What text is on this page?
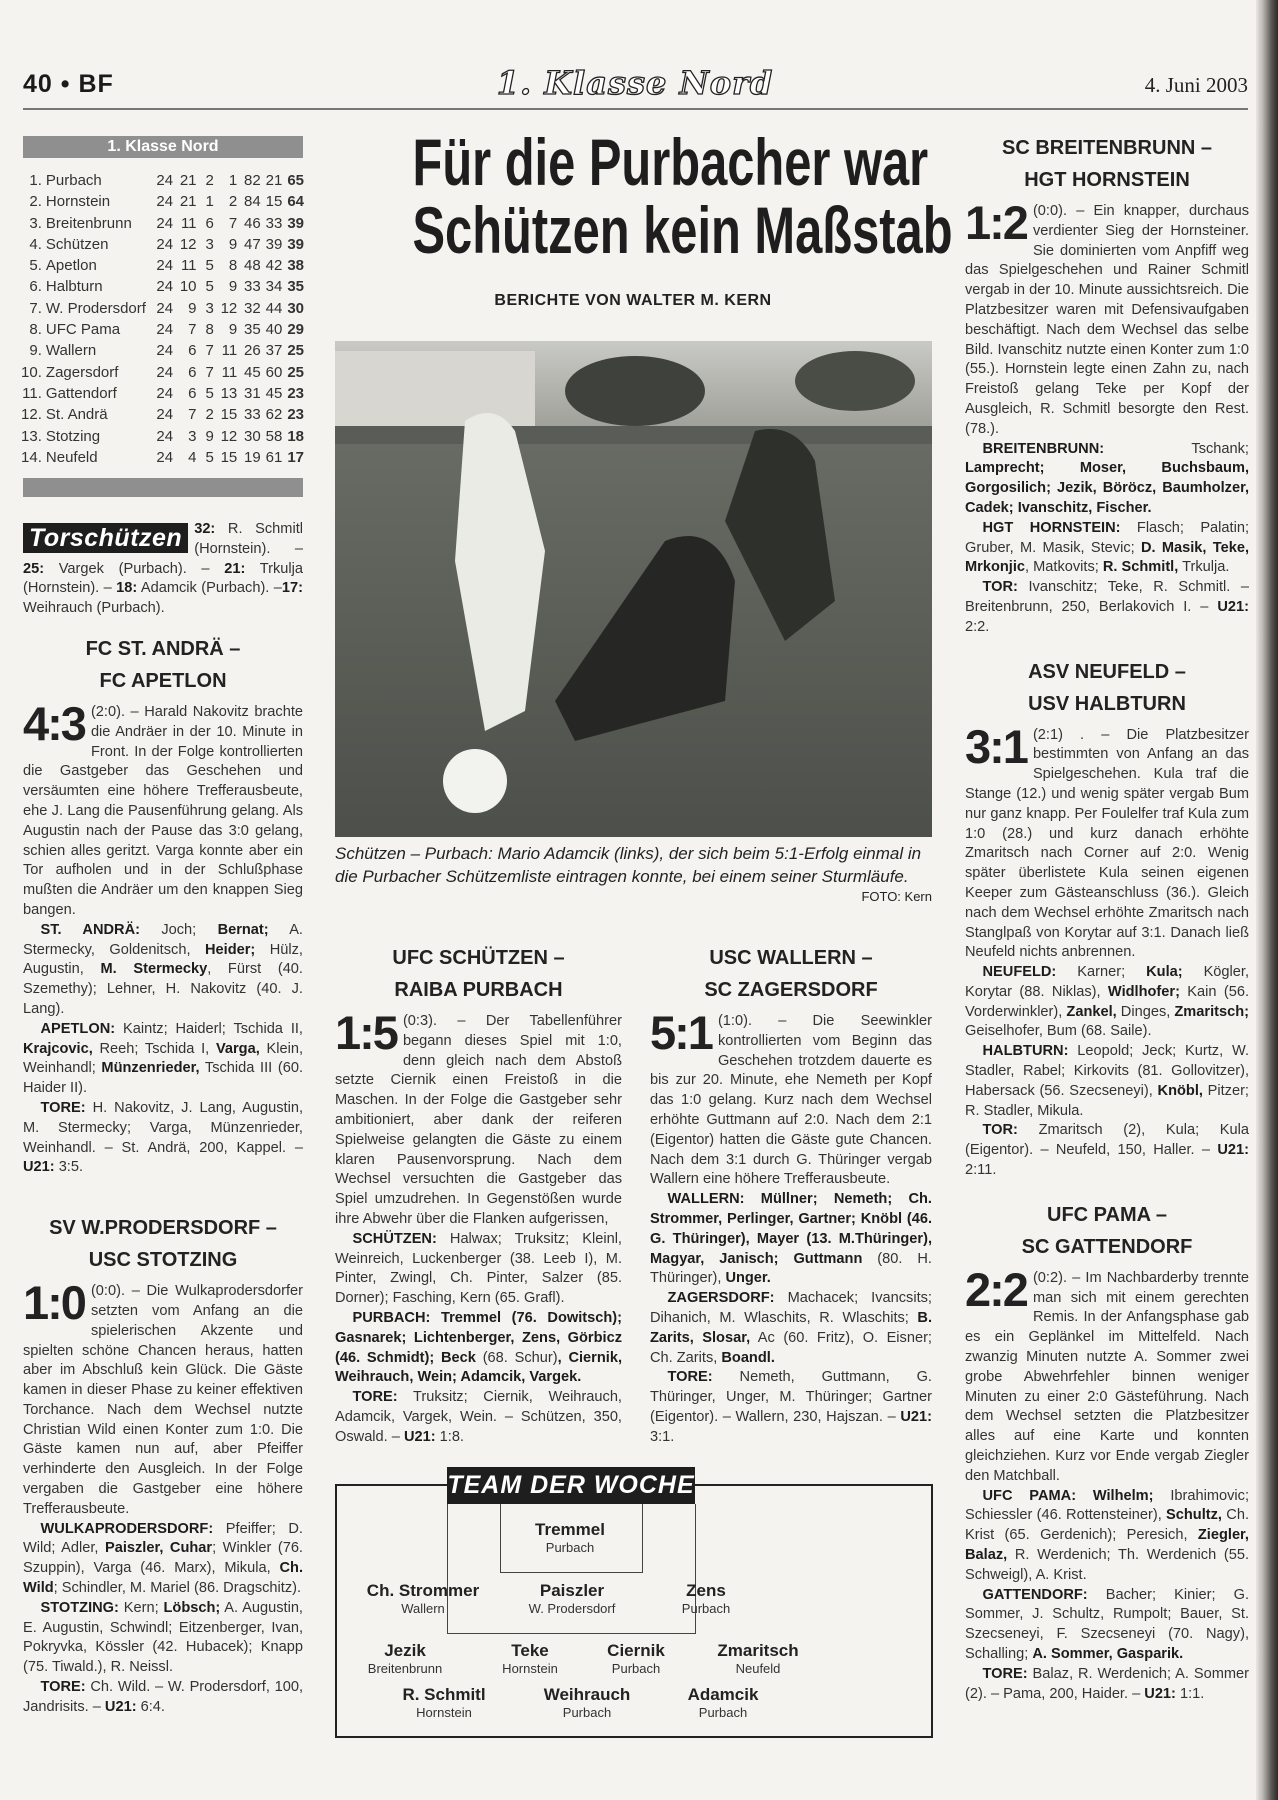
40 • BF	1. Klasse Nord	4. Juni 2003
1. Klasse Nord
1.	Purbach	24	21	2	1	82	21	65
2.	Hornstein	24	21	1	2	84	15	64
3.	Breitenbrunn	24	11	6	7	46	33	39
4.	Schützen	24	12	3	9	47	39	39
5.	Apetlon	24	11	5	8	48	42	38
6.	Halbturn	24	10	5	9	33	34	35
7.	W. Prodersdorf	24	9	3	12	32	44	30
8.	UFC Pama	24	7	8	9	35	40	29
9.	Wallern	24	6	7	11	26	37	25
10.	Zagersdorf	24	6	7	11	45	60	25
11.	Gattendorf	24	6	5	13	31	45	23
12.	St. Andrä	24	7	2	15	33	62	23
13.	Stotzing	24	3	9	12	30	58	18
14.	Neufeld	24	4	5	15	19	61	17
Torschützen 32: R. Schmitl (Hornstein). – 25: Vargek (Purbach). – 21: Trkulja (Hornstein). – 18: Adamcik (Purbach). –17: Weihrauch (Purbach).
FC ST. ANDRÄ –
FC APETLON

4:3 (2:0). – Harald Nakovitz brachte die Andräer in der 10. Minute in Front. In der Folge kontrollierten die Gastgeber das Geschehen und versäumten eine höhere Trefferausbeute, ehe J. Lang die Pausenführung gelang. Als Augustin nach der Pause das 3:0 gelang, schien alles geritzt. Varga konnte aber ein Tor aufholen und in der Schlußphase mußten die Andräer um den knappen Sieg bangen.

ST. ANDRÄ: Joch; Bernat; A. Stermecky, Goldenitsch, Heider; Hülz, Augustin, M. Stermecky, Fürst (40. Szemethy); Lehner, H. Nakovitz (40. J. Lang).

APETLON: Kaintz; Haiderl; Tschida II, Krajcovic, Reeh; Tschida I, Varga, Klein, Weinhandl; Münzenrieder, Tschida III (60. Haider II).

TORE: H. Nakovitz, J. Lang, Augustin, M. Stermecky; Varga, Münzenrieder, Weinhandl. – St. Andrä, 200, Kappel. – U21: 3:5.

SV W.PRODERSDORF –
USC STOTZING

1:0 (0:0). – Die Wulkaprodersdorfer setzten vom Anfang an die spielerischen Akzente und spielten schöne Chancen heraus, hatten aber im Abschluß kein Glück. Die Gäste kamen in dieser Phase zu keiner effektiven Torchance. Nach dem Wechsel nutzte Christian Wild einen Konter zum 1:0. Die Gäste kamen nun auf, aber Pfeiffer verhinderte den Ausgleich. In der Folge vergaben die Gastgeber eine höhere Trefferausbeute.

WULKAPRODERSDORF: Pfeiffer; D. Wild; Adler, Paiszler, Cuhar; Winkler (76. Szuppin), Varga (46. Marx), Mikula, Ch. Wild; Schindler, M. Mariel (86. Dragschitz).

STOTZING: Kern; Löbsch; A. Augustin, E. Augustin, Schwindl; Eitzenberger, Ivan, Pokryvka, Kössler (42. Hubacek); Knapp (75. Tiwald.), R. Neissl.

TORE: Ch. Wild. – W. Prodersdorf, 100, Jandrisits. – U21: 6:4.

Für die Purbacher war
Schützen kein Maßstab
BERICHTE VON WALTER M. KERN
Schützen – Purbach: Mario Adamcik (links), der sich beim 5:1-Erfolg einmal in die Purbacher Schützemliste eintragen konnte, bei einem seiner Sturmläufe.
FOTO: Kern
UFC SCHÜTZEN –
RAIBA PURBACH

1:5 (0:3). – Der Tabellenführer begann dieses Spiel mit 1:0, denn gleich nach dem Abstoß setzte Ciernik einen Freistoß in die Maschen. In der Folge die Gastgeber sehr ambitioniert, aber dank der reiferen Spielweise gelangten die Gäste zu einem klaren Pausenvorsprung. Nach dem Wechsel versuchten die Gastgeber das Spiel umzudrehen. In Gegenstößen wurde ihre Abwehr über die Flanken aufgerissen,

SCHÜTZEN: Halwax; Truksitz; Kleinl, Weinreich, Luckenberger (38. Leeb I), M. Pinter, Zwingl, Ch. Pinter, Salzer (85. Dorner); Fasching, Kern (65. Grafl).

PURBACH: Tremmel (76. Dowitsch); Gasnarek; Lichtenberger, Zens, Görbicz (46. Schmidt); Beck (68. Schur), Ciernik, Weihrauch, Wein; Adamcik, Vargek.

TORE: Truksitz; Ciernik, Weihrauch, Adamcik, Vargek, Wein. – Schützen, 350, Oswald. – U21: 1:8.

USC WALLERN –
SC ZAGERSDORF

5:1 (1:0). – Die Seewinkler kontrollierten vom Beginn das Geschehen trotzdem dauerte es bis zur 20. Minute, ehe Nemeth per Kopf das 1:0 gelang. Kurz nach dem Wechsel erhöhte Guttmann auf 2:0. Nach dem 2:1 (Eigentor) hatten die Gäste gute Chancen. Nach dem 3:1 durch G. Thüringer vergab Wallern eine höhere Trefferausbeute.

WALLERN: Müllner; Nemeth; Ch. Strommer, Perlinger, Gartner; Knöbl (46. G. Thüringer), Mayer (13. M.Thüringer), Magyar, Janisch; Guttmann (80. H. Thüringer), Unger.

ZAGERSDORF: Machacek; Ivancsits; Dihanich, M. Wlaschits, R. Wlaschits; B. Zarits, Slosar, Ac (60. Fritz), O. Eisner; Ch. Zarits, Boandl.

TORE: Nemeth, Guttmann, G. Thüringer, Unger, M. Thüringer; Gartner (Eigentor). – Wallern, 230, Hajszan. – U21: 3:1.

SC BREITENBRUNN –
HGT HORNSTEIN

1:2 (0:0). – Ein knapper, durchaus verdienter Sieg der Hornsteiner. Sie dominierten vom Anpfiff weg das Spielgeschehen und Rainer Schmitl vergab in der 10. Minute aussichtsreich. Die Platzbesitzer waren mit Defensivaufgaben beschäftigt. Nach dem Wechsel das selbe Bild. Ivanschitz nutzte einen Konter zum 1:0 (55.). Hornstein legte einen Zahn zu, nach Freistoß gelang Teke per Kopf der Ausgleich, R. Schmitl besorgte den Rest. (78.).

BREITENBRUNN: Tschank; Lamprecht; Moser, Buchsbaum, Gorgosilich; Jezik, Böröcz, Baumholzer, Cadek; Ivanschitz, Fischer.

HGT HORNSTEIN: Flasch; Palatin; Gruber, M. Masik, Stevic; D. Masik, Teke, Mrkonjic, Matkovits; R. Schmitl, Trkulja.

TOR: Ivanschitz; Teke, R. Schmitl. – Breitenbrunn, 250, Berlakovich I. – U21: 2:2.

ASV NEUFELD –
USV HALBTURN

3:1 (2:1) . – Die Platzbesitzer bestimmten von Anfang an das Spielgeschehen. Kula traf die Stange (12.) und wenig später vergab Bum nur ganz knapp. Per Foulelfer traf Kula zum 1:0 (28.) und kurz danach erhöhte Zmaritsch nach Corner auf 2:0. Wenig später überlistete Kula seinen eigenen Keeper zum Gästeanschluss (36.). Gleich nach dem Wechsel erhöhte Zmaritsch nach Stanglpaß von Korytar auf 3:1. Danach ließ Neufeld nichts anbrennen.

NEUFELD: Karner; Kula; Kögler, Korytar (88. Niklas), Widlhofer; Kain (56. Vorderwinkler), Zankel, Dinges, Zmaritsch; Geiselhofer, Bum (68. Saile).

HALBTURN: Leopold; Jeck; Kurtz, W. Stadler, Rabel; Kirkovits (81. Gollovitzer), Habersack (56. Szecseneyi), Knöbl, Pitzer; R. Stadler, Mikula.

TOR: Zmaritsch (2), Kula; Kula (Eigentor). – Neufeld, 150, Haller. – U21: 2:11.

UFC PAMA –
SC GATTENDORF

2:2 (0:2). – Im Nachbarderby trennte man sich mit einem gerechten Remis. In der Anfangsphase gab es ein Geplänkel im Mittelfeld. Nach zwanzig Minuten nutzte A. Sommer zwei grobe Abwehrfehler binnen weniger Minuten zu einer 2:0 Gästeführung. Nach dem Wechsel setzten die Platzbesitzer alles auf eine Karte und konnten gleichziehen. Kurz vor Ende vergab Ziegler den Matchball.

UFC PAMA: Wilhelm; Ibrahimovic; Schiessler (46. Rottensteiner), Schultz, Ch. Krist (65. Gerdenich); Peresich, Ziegler, Balaz, R. Werdenich; Th. Werdenich (55. Schweigl), A. Krist.

GATTENDORF: Bacher; Kinier; G. Sommer, J. Schultz, Rumpolt; Bauer, St. Szecseneyi, F. Szecseneyi (70. Nagy), Schalling; A. Sommer, Gasparik.

TORE: Balaz, R. Werdenich; A. Sommer (2). – Pama, 200, Haider. – U21: 1:1.

TEAM DER WOCHE
Tremmel
Purbach
Ch. Strommer
Wallern
Paiszler
W. Prodersdorf
Zens
Purbach
Jezik
Breitenbrunn
Teke
Hornstein
Ciernik
Purbach
Zmaritsch
Neufeld
R. Schmitl
Hornstein
Weihrauch
Purbach
Adamcik
Purbach
